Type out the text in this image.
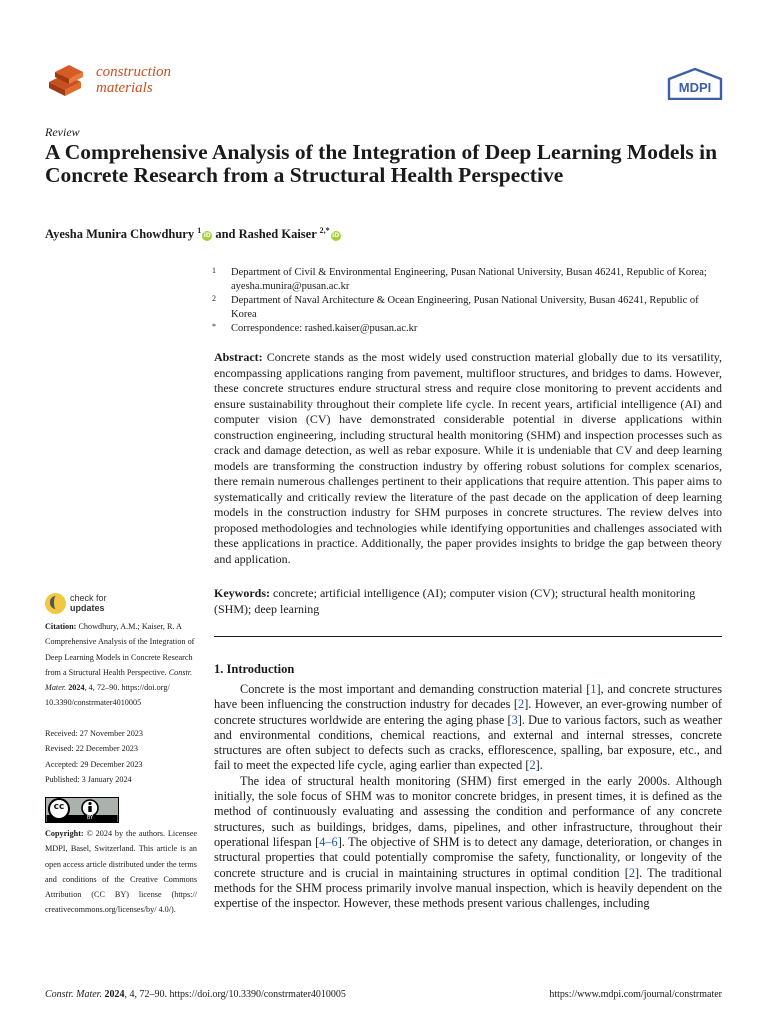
construction
materials	MDPI
Review
A Comprehensive Analysis of the Integration of Deep Learning Models in Concrete Research from a Structural Health Perspective
Ayesha Munira Chowdhury $^1$iD and Rashed Kaiser $^{2,*}$iD
1 Department of Civil & Environmental Engineering, Pusan National University, Busan 46241, Republic of Korea; ayesha.munira@pusan.ac.kr
2 Department of Naval Architecture & Ocean Engineering, Pusan National University, Busan 46241, Republic of Korea
* Correspondence: rashed.kaiser@pusan.ac.kr
Abstract: Concrete stands as the most widely used construction material globally due to its versatility, encompassing applications ranging from pavement, multifloor structures, and bridges to dams. However, these concrete structures endure structural stress and require close monitoring to prevent accidents and ensure sustainability throughout their complete life cycle. In recent years, artificial intelligence (AI) and computer vision (CV) have demonstrated considerable potential in diverse applications within construction engineering, including structural health monitoring (SHM) and inspection processes such as crack and damage detection, as well as rebar exposure. While it is undeniable that CV and deep learning models are transforming the construction industry by offering robust solutions for complex scenarios, there remain numerous challenges pertinent to their applications that require attention. This paper aims to systematically and critically review the literature of the past decade on the application of deep learning models in the construction industry for SHM purposes in concrete structures. The review delves into proposed methodologies and technologies while identifying opportunities and challenges associated with these applications in practice. Additionally, the paper provides insights to bridge the gap between theory and application.
Keywords: concrete; artificial intelligence (AI); computer vision (CV); structural health monitoring (SHM); deep learning
1. Introduction

Concrete is the most important and demanding construction material [1], and concrete structures have been influencing the construction industry for decades [2]. However, an ever-growing number of concrete structures worldwide are entering the aging phase [3]. Due to various factors, such as weather and environmental conditions, chemical reactions, and external and internal stresses, concrete structures are often subject to defects such as cracks, efflorescence, spalling, bar exposure, etc., and fail to meet the expected life cycle, aging earlier than expected [2].

The idea of structural health monitoring (SHM) first emerged in the early 2000s. Although initially, the sole focus of SHM was to monitor concrete bridges, in present times, it is defined as the method of continuously evaluating and assessing the condition and performance of any concrete structures, such as buildings, bridges, dams, pipelines, and other infrastructure, throughout their operational lifespan [4–6]. The objective of SHM is to detect any damage, deterioration, or changes in structural properties that could potentially compromise the safety, functionality, or longevity of the concrete structure and is crucial in maintaining structures in optimal condition [2]. The traditional methods for the SHM process primarily involve manual inspection, which is heavily dependent on the expertise of the inspector. However, these methods present various challenges, including

check for
updates
Citation: Chowdhury, A.M.; Kaiser, R. A Comprehensive Analysis of the Integration of Deep Learning Models in Concrete Research from a Structural Health Perspective. Constr. Mater. 2024, 4, 72–90. https://doi.org/ 10.3390/constrmater4010005
Received: 27 November 2023
Revised: 22 December 2023
Accepted: 29 December 2023
Published: 3 January 2024
cc
BY
Copyright: © 2024 by the authors. Licensee MDPI, Basel, Switzerland. This article is an open access article distributed under the terms and conditions of the Creative Commons Attribution (CC BY) license (https:// creativecommons.org/licenses/by/ 4.0/).
Constr. Mater. 2024, 4, 72–90. https://doi.org/10.3390/constrmater4010005	https://www.mdpi.com/journal/constrmater
